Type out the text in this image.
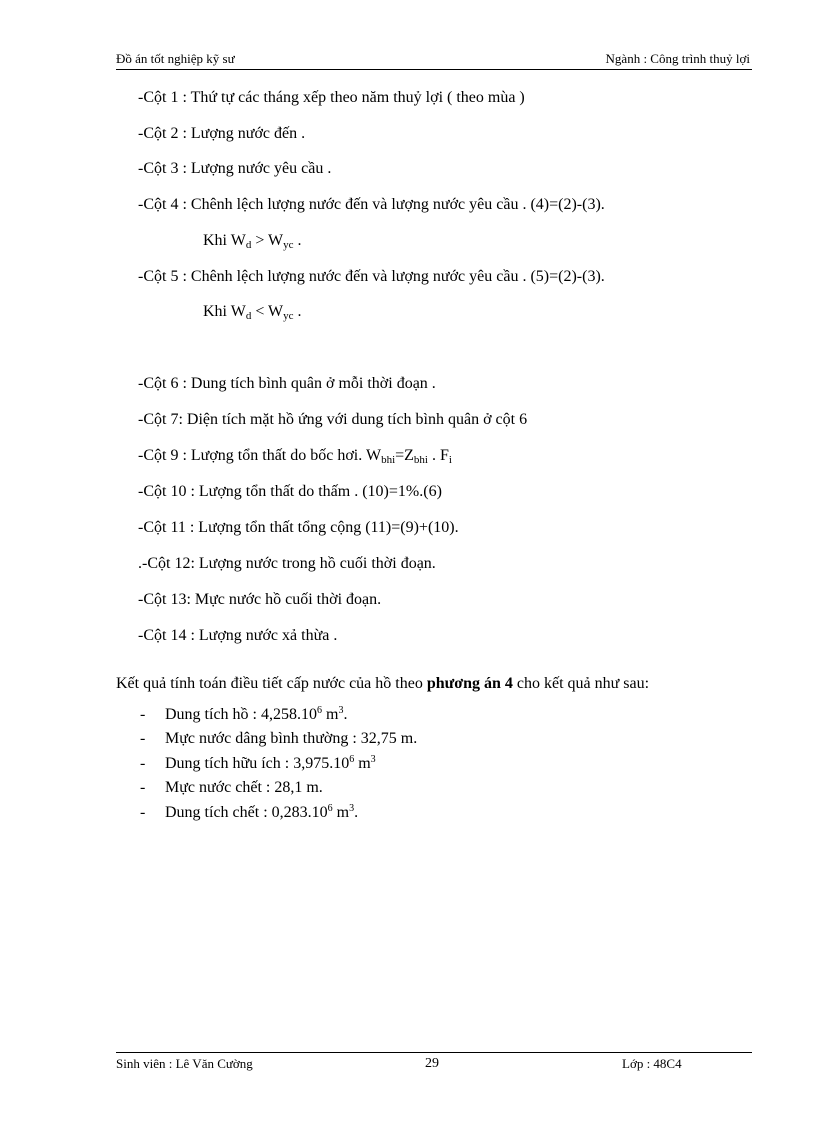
Đồ án tốt nghiệp kỹ sư	Ngành : Công trình thuỷ lợi
-Cột 1 : Thứ tự các tháng xếp theo năm thuỷ lợi ( theo mùa )
-Cột 2 : Lượng nước đến .
-Cột 3 : Lượng nước yêu cầu .
-Cột 4 : Chênh lệch lượng nước đến và lượng nước yêu cầu . (4)=(2)-(3).
Khi $W_d > W_{yc}$ .
-Cột 5 : Chênh lệch lượng nước đến và lượng nước yêu cầu . (5)=(2)-(3).
Khi $W_d < W_{yc}$ .
-Cột 6 : Dung tích bình quân ở mỗi thời đoạn .
-Cột 7: Diện tích mặt hồ ứng với dung tích bình quân ở cột 6
-Cột 9 : Lượng tổn thất do bốc hơi. $W_{bhi}=Z_{bhi}$ . $F_i$
-Cột 10 : Lượng tổn thất do thấm . (10)=1%.(6)
-Cột 11 : Lượng tổn thất tổng cộng (11)=(9)+(10).
.-Cột 12: Lượng nước trong hồ cuối thời đoạn.
-Cột 13: Mực nước hồ cuối thời đoạn.
-Cột 14 : Lượng nước xả thừa .
Kết quả tính toán điều tiết cấp nước của hồ theo phương án 4 cho kết quả như sau:
- Dung tích hồ : 4,258.10$^6$ $m^3$.
- Mực nước dâng bình thường : 32,75 m.
- Dung tích hữu ích : 3,975.10$^6$ $m^3$
- Mực nước chết : 28,1 m.
- Dung tích chết : 0,283.10$^6$ $m^3$.
Sinh viên : Lê Văn Cường	29	Lớp : 48C4
